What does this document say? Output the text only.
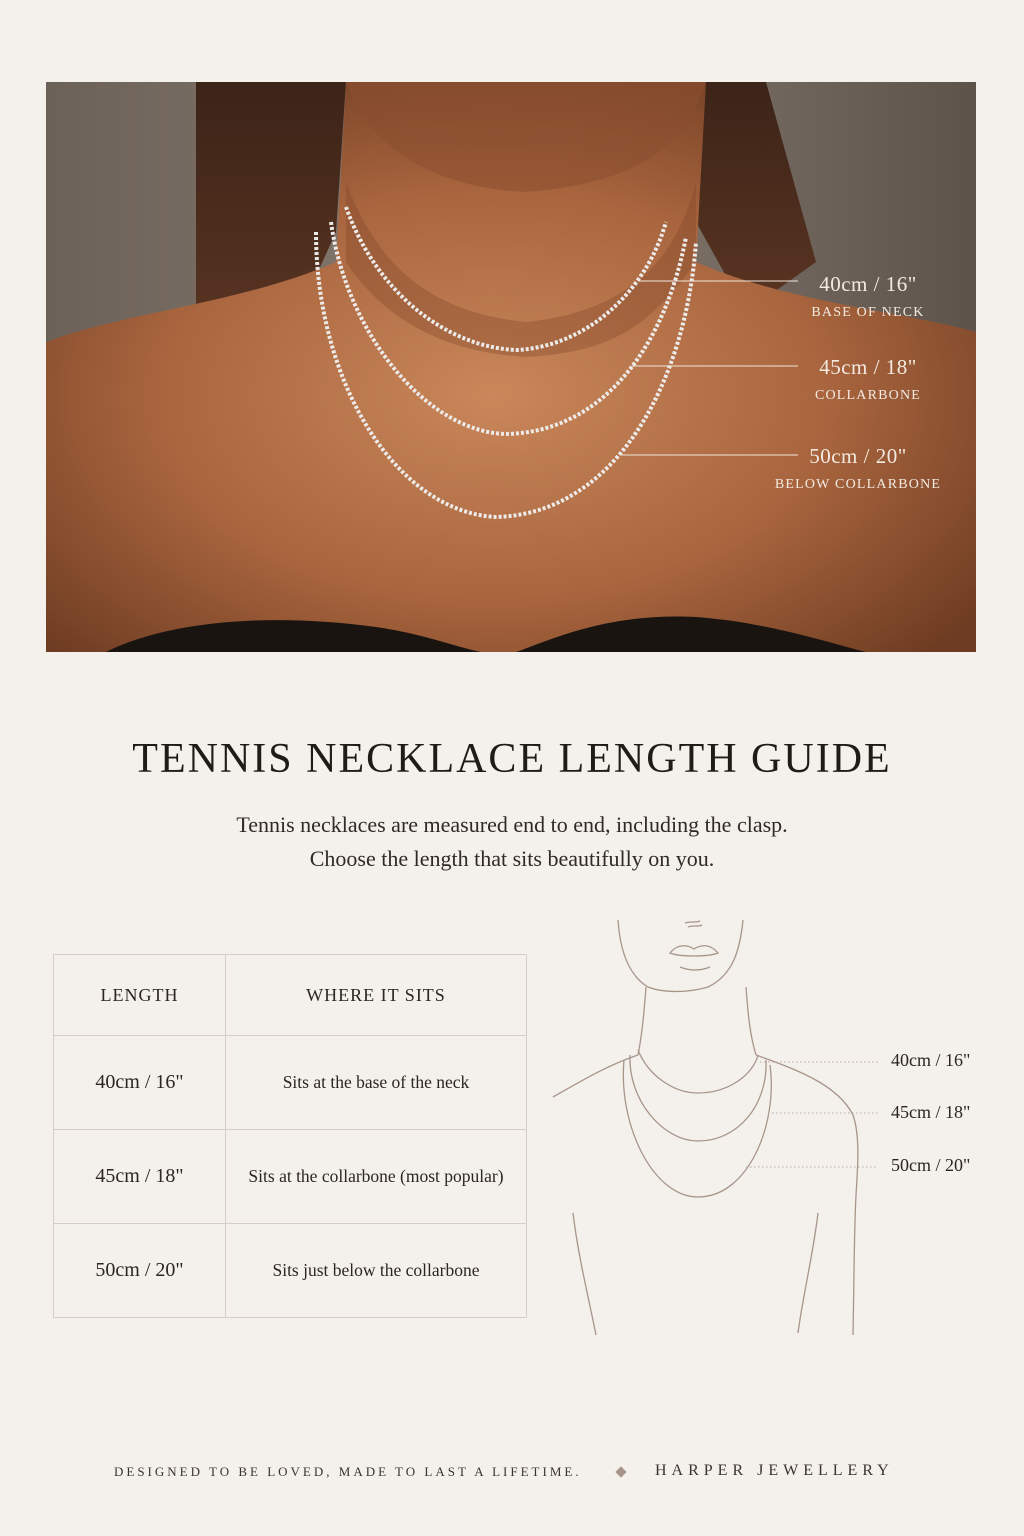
40cm / 16"
BASE OF NECK
45cm / 18"
COLLARBONE
50cm / 20"
BELOW COLLARBONE
TENNIS NECKLACE LENGTH GUIDE
Tennis necklaces are measured end to end, including the clasp.
Choose the length that sits beautifully on you.
LENGTH	WHERE IT SITS
40cm / 16"	Sits at the base of the neck
45cm / 18"	Sits at the collarbone (most popular)
50cm / 20"	Sits just below the collarbone
40cm / 16"
45cm / 18"
50cm / 20"
DESIGNED TO BE LOVED, MADE TO LAST A LIFETIME.	HARPER JEWELLERY
